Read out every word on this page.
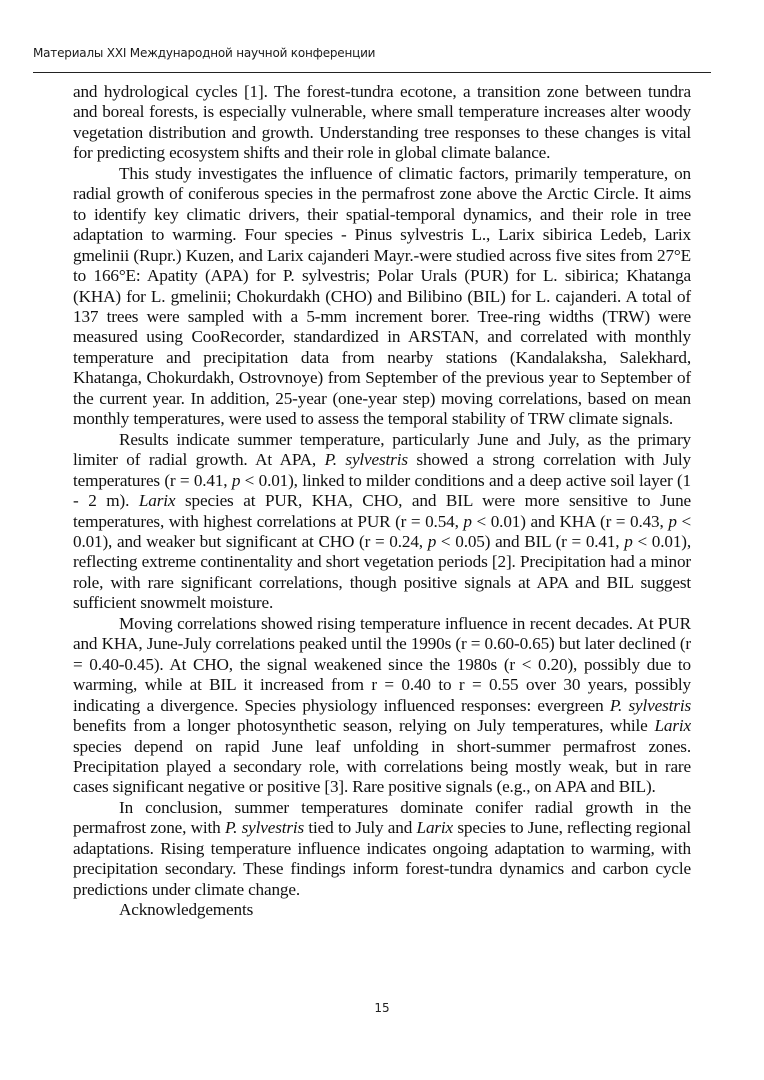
Материалы XXI Международной научной конференции

and hydrological cycles [1]. The forest-tundra ecotone, a transition zone between tundra and boreal forests, is especially vulnerable, where small temperature increases alter woody vegetation distribution and growth. Understanding tree responses to these changes is vital for predicting ecosystem shifts and their role in global climate balance.

This study investigates the influence of climatic factors, primarily temperature, on radial growth of coniferous species in the permafrost zone above the Arctic Circle. It aims to identify key climatic drivers, their spatial-temporal dynamics, and their role in tree adaptation to warming. Four species - Pinus sylvestris L., Larix sibirica Ledeb, Larix gmelinii (Rupr.) Kuzen, and Larix cajanderi Mayr.-were studied across five sites from 27°E to 166°E: Apatity (APA) for P. sylvestris; Polar Urals (PUR) for L. sibirica; Khatanga (KHA) for L. gmelinii; Chokurdakh (CHO) and Bilibino (BIL) for L. cajanderi. A total of 137 trees were sampled with a 5-mm increment borer. Tree-ring widths (TRW) were measured using CooRecorder, standardized in ARSTAN, and correlated with monthly temperature and precipitation data from nearby stations (Kandalaksha, Salekhard, Khatanga, Chokurdakh, Ostrovnoye) from September of the previous year to September of the current year. In addition, 25-year (one-year step) moving correlations, based on mean monthly temperatures, were used to assess the temporal stability of TRW climate signals.

Results indicate summer temperature, particularly June and July, as the primary limiter of radial growth. At APA, P. sylvestris showed a strong correlation with July temperatures (r = 0.41, p < 0.01), linked to milder conditions and a deep active soil layer (1 - 2 m). Larix species at PUR, KHA, CHO, and BIL were more sensitive to June temperatures, with highest correlations at PUR (r = 0.54, p < 0.01) and KHA (r = 0.43, p < 0.01), and weaker but significant at CHO (r = 0.24, p < 0.05) and BIL (r = 0.41, p < 0.01), reflecting extreme continentality and short vegetation periods [2]. Precipitation had a minor role, with rare significant correlations, though positive signals at APA and BIL suggest sufficient snowmelt moisture.

Moving correlations showed rising temperature influence in recent decades. At PUR and KHA, June-July correlations peaked until the 1990s (r = 0.60-0.65) but later declined (r = 0.40-0.45). At CHO, the signal weakened since the 1980s (r < 0.20), possibly due to warming, while at BIL it increased from r = 0.40 to r = 0.55 over 30 years, possibly indicating a divergence. Species physiology influenced responses: evergreen P. sylvestris benefits from a longer photosynthetic season, relying on July temperatures, while Larix species depend on rapid June leaf unfolding in short-summer permafrost zones. Precipitation played a secondary role, with correlations being mostly weak, but in rare cases significant negative or positive [3]. Rare positive signals (e.g., on APA and BIL).

In conclusion, summer temperatures dominate conifer radial growth in the permafrost zone, with P. sylvestris tied to July and Larix species to June, reflecting regional adaptations. Rising temperature influence indicates ongoing adaptation to warming, with precipitation secondary. These findings inform forest-tundra dynamics and carbon cycle predictions under climate change.

Acknowledgements

15
